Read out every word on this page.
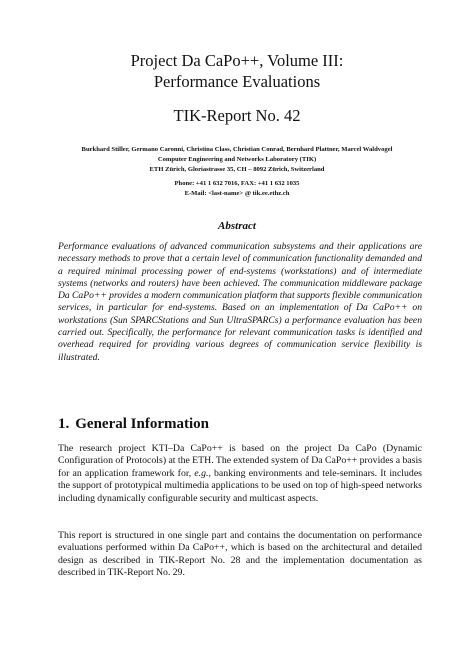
Project Da CaPo++, Volume III:
Performance Evaluations
TIK-Report No. 42
Burkhard Stiller, Germano Caronni, Christina Class, Christian Conrad, Bernhard Plattner, Marcel Waldvogel
Computer Engineering and Networks Laboratory (TIK)
ETH Zürich, Gloriastrasse 35, CH – 8092 Zürich, Switzerland
Phone: +41 1 632 7016, FAX: +41 1 632 1035
E-Mail: <last-name> @ tik.ee.ethz.ch
Abstract
Performance evaluations of advanced communication subsystems and their applications are necessary methods to prove that a certain level of communication functionality demanded and a required minimal processing power of end-systems (workstations) and of intermediate systems (networks and routers) have been achieved. The communication middleware package Da CaPo++ provides a modern communication platform that supports flexible communication services, in particular for end-systems. Based on an implementation of Da CaPo++ on workstations (Sun SPARCStations and Sun UltraSPARCs) a performance evaluation has been carried out. Specifically, the performance for relevant communication tasks is identified and overhead required for providing various degrees of communication service flexibility is illustrated.
1. General Information
The research project KTI–Da CaPo++ is based on the project Da CaPo (Dynamic Configuration of Protocols) at the ETH. The extended system of Da CaPo++ provides a basis for an application framework for, e.g., banking environments and tele-seminars. It includes the support of prototypical multimedia applications to be used on top of high-speed networks including dynamically configurable security and multicast aspects.
This report is structured in one single part and contains the documentation on performance evaluations performed within Da CaPo++, which is based on the architectural and detailed design as described in TIK-Report No. 28 and the implementation documentation as described in TIK-Report No. 29.
